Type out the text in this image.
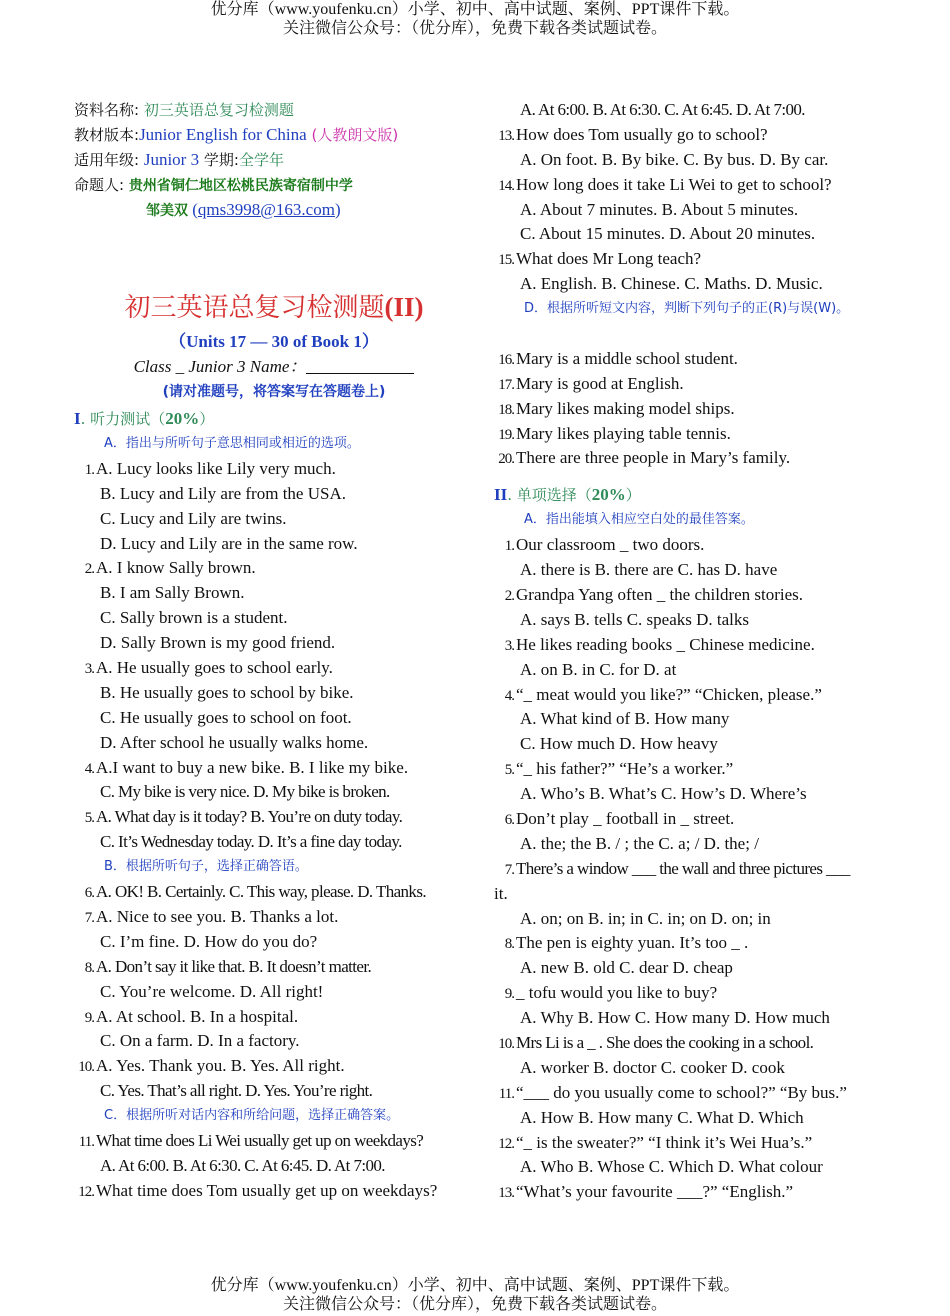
优分库（www.youfenku.cn）小学、初中、高中试题、案例、PPT课件下载。
关注微信公众号：（优分库），免费下载各类试题试卷。
资料名称: 初三英语总复习检测题
教材版本:Junior English for China (人教朗文版)
适用年级: Junior 3 学期:全学年
命题人: 贵州省铜仁地区松桃民族寄宿制中学
邹美双 (qms3998@163.com)
初三英语总复习检测题(II)
（Units 17 — 30 of Book 1）
Class _ Junior 3 Name：
(请对准题号，将答案写在答题卷上)
I. 听力测试（20%）
A．指出与所听句子意思相同或相近的选项。
1. A. Lucy looks like Lily very much.
B. Lucy and Lily are from the USA.
C. Lucy and Lily are twins.
D. Lucy and Lily are in the same row.
2. A. I know Sally brown.
B. I am Sally Brown.
C. Sally brown is a student.
D. Sally Brown is my good friend.
3. A. He usually goes to school early.
B. He usually goes to school by bike.
C. He usually goes to school on foot.
D. After school he usually walks home.
4. A.I want to buy a new bike. B. I like my bike.
C. My bike is very nice. D. My bike is broken.
5. A. What day is it today? B. You’re on duty today.
C. It’s Wednesday today. D. It’s a fine day today.
B．根据所听句子，选择正确答语。
6. A. OK! B. Certainly. C. This way, please. D. Thanks.
7. A. Nice to see you. B. Thanks a lot.
C. I’m fine. D. How do you do?
8. A. Don’t say it like that. B. It doesn’t matter.
C. You’re welcome. D. All right!
9. A. At school. B. In a hospital.
C. On a farm. D. In a factory.
10. A. Yes. Thank you. B. Yes. All right.
C. Yes. That’s all right. D. Yes. You’re right.
C．根据所听对话内容和所给问题，选择正确答案。
11. What time does Li Wei usually get up on weekdays?
A. At 6:00. B. At 6:30. C. At 6:45. D. At 7:00.
12. What time does Tom usually get up on weekdays?
A. At 6:00. B. At 6:30. C. At 6:45. D. At 7:00.
13. How does Tom usually go to school?
A. On foot. B. By bike. C. By bus. D. By car.
14. How long does it take Li Wei to get to school?
A. About 7 minutes. B. About 5 minutes.
C. About 15 minutes. D. About 20 minutes.
15. What does Mr Long teach?
A. English. B. Chinese. C. Maths. D. Music.
D．根据所听短文内容，判断下列句子的正(R)与误(W)。
16. Mary is a middle school student.
17. Mary is good at English.
18. Mary likes making model ships.
19. Mary likes playing table tennis.
20. There are three people in Mary’s family.
II. 单项选择（20%）
A．指出能填入相应空白处的最佳答案。
1. Our classroom _ two doors.
A. there is B. there are C. has D. have
2. Grandpa Yang often _ the children stories.
A. says B. tells C. speaks D. talks
3. He likes reading books _ Chinese medicine.
A. on B. in C. for D. at
4. “_ meat would you like?” “Chicken, please.”
A. What kind of B. How many
C. How much D. How heavy
5. “_ his father?” “He’s a worker.”
A. Who’s B. What’s C. How’s D. Where’s
6. Don’t play _ football in _ street.
A. the; the B. / ; the C. a; / D. the; /
7. There’s a window ___ the wall and three pictures ___
it.
A. on; on B. in; in C. in; on D. on; in
8. The pen is eighty yuan. It’s too _ .
A. new B. old C. dear D. cheap
9. _ tofu would you like to buy?
A. Why B. How C. How many D. How much
10. Mrs Li is a _ . She does the cooking in a school.
A. worker B. doctor C. cooker D. cook
11. “___ do you usually come to school?” “By bus.”
A. How B. How many C. What D. Which
12. “_ is the sweater?” “I think it’s Wei Hua’s.”
A. Who B. Whose C. Which D. What colour
13. “What’s your favourite ___?” “English.”
优分库（www.youfenku.cn）小学、初中、高中试题、案例、PPT课件下载。
关注微信公众号：（优分库），免费下载各类试题试卷。
